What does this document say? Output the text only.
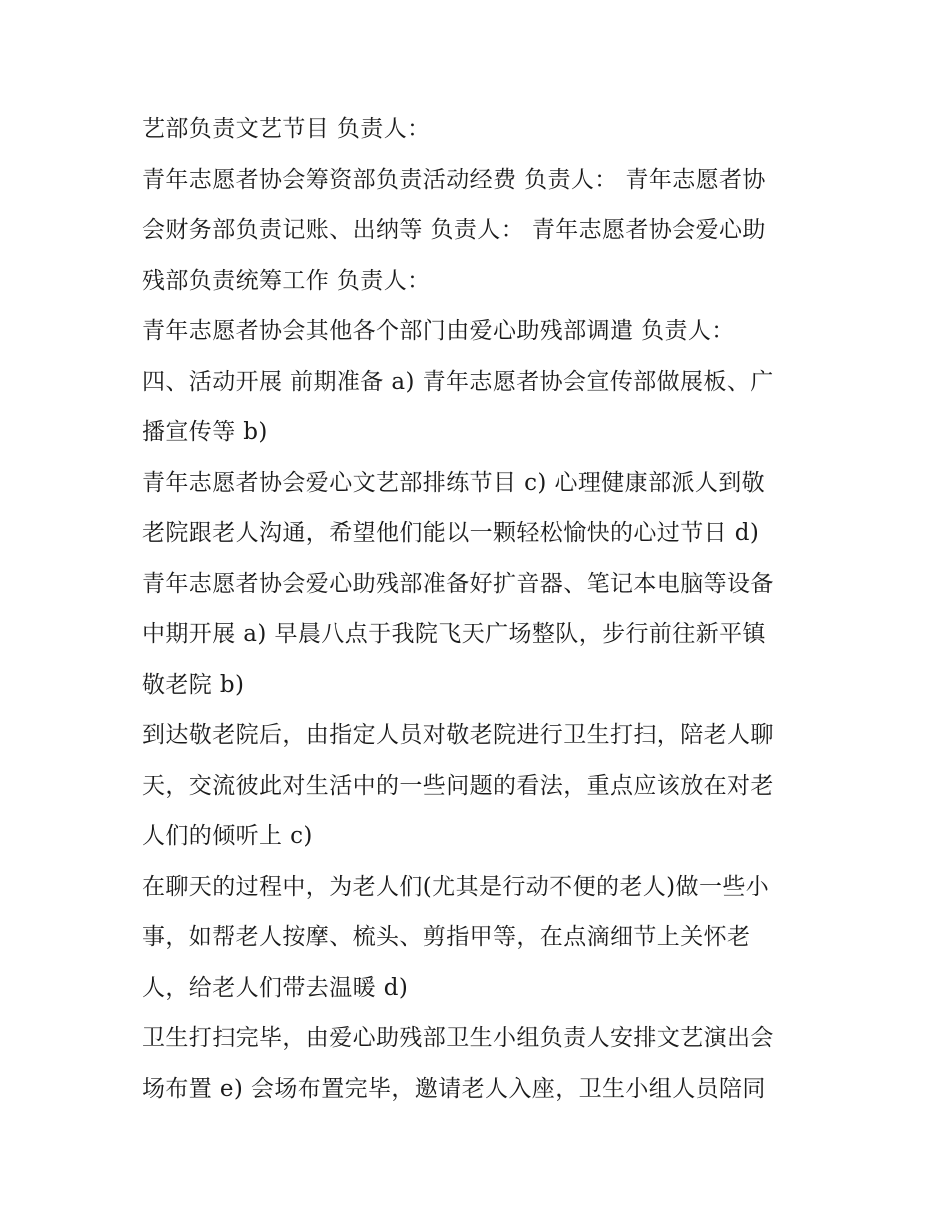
艺部负责文艺节目 负责人：

青年志愿者协会筹资部负责活动经费 负责人： 青年志愿者协
会财务部负责记账、出纳等 负责人： 青年志愿者协会爱心助
残部负责统筹工作 负责人：

青年志愿者协会其他各个部门由爱心助残部调遣 负责人：

四、活动开展 前期准备 a) 青年志愿者协会宣传部做展板、广
播宣传等 b)

青年志愿者协会爱心文艺部排练节目 c) 心理健康部派人到敬
老院跟老人沟通，希望他们能以一颗轻松愉快的心过节日 d)
青年志愿者协会爱心助残部准备好扩音器、笔记本电脑等设备
中期开展 a) 早晨八点于我院飞天广场整队，步行前往新平镇
敬老院 b)

到达敬老院后，由指定人员对敬老院进行卫生打扫，陪老人聊
天，交流彼此对生活中的一些问题的看法，重点应该放在对老
人们的倾听上 c)

在聊天的过程中，为老人们(尤其是行动不便的老人)做一些小
事，如帮老人按摩、梳头、剪指甲等，在点滴细节上关怀老
人，给老人们带去温暖 d)

卫生打扫完毕，由爱心助残部卫生小组负责人安排文艺演出会
场布置 e) 会场布置完毕，邀请老人入座，卫生小组人员陪同
